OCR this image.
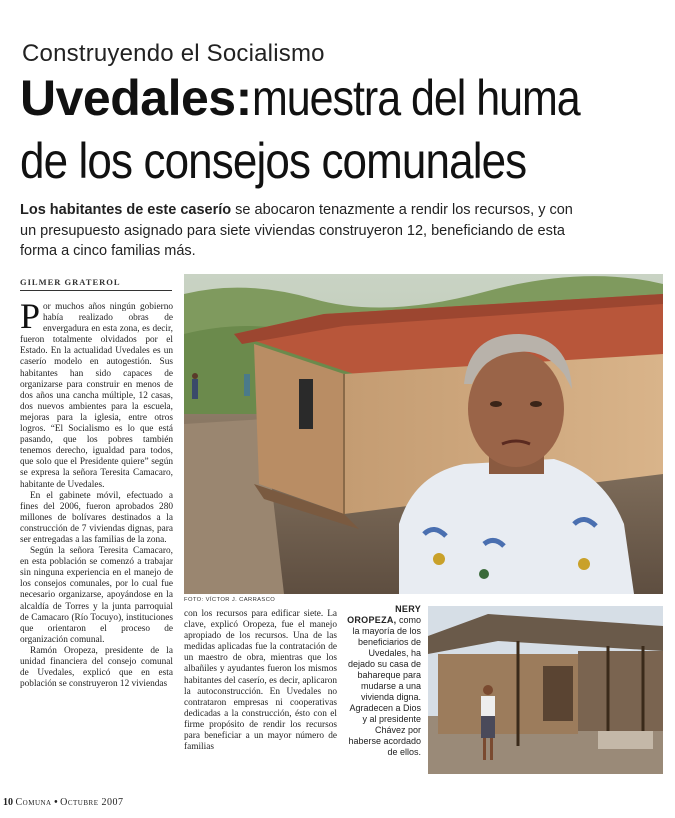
Construyendo el Socialismo
Uvedales:muestra del huma
de los consejos comunales
Los habitantes de este caserío se abocaron tenazmente a rendir los recursos, y con un presupuesto asignado para siete viviendas construyeron 12, beneficiando de esta forma a cinco familias más.
GILMER GRATEROL

Por muchos años ningún gobierno había realizado obras de envergadura en esta zona, es decir, fueron totalmente olvidados por el Estado. En la actualidad Uvedales es un caserío modelo en autogestión. Sus habitantes han sido capaces de organizarse para construir en menos de dos años una cancha múltiple, 12 casas, dos nuevos ambientes para la escuela, mejoras para la iglesia, entre otros logros. “El Socialismo es lo que está pasando, que los pobres también tenemos derecho, igualdad para todos, que solo que el Presidente quiere” según se expresa la señora Teresita Camacaro, habitante de Uvedales.

En el gabinete móvil, efectuado a fines del 2006, fueron aprobados 280 millones de bolívares destinados a la construcción de 7 viviendas dignas, para ser entregadas a las familias de la zona.

Según la señora Teresita Camacaro, en esta población se comenzó a trabajar sin ninguna experiencia en el manejo de los consejos comunales, por lo cual fue necesario organizarse, apoyándose en la alcaldía de Torres y la junta parroquial de Camacaro (Río Tocuyo), instituciones que orientaron el proceso de organización comunal.

Ramón Oropeza, presidente de la unidad financiera del consejo comunal de Uvedales, explicó que en esta población se construyeron 12 viviendas

FOTO: VÍCTOR J. CARRASCO

con los recursos para edificar siete. La clave, explicó Oropeza, fue el manejo apropiado de los recursos. Una de las medidas aplicadas fue la contratación de un maestro de obra, mientras que los albañiles y ayudantes fueron los mismos habitantes del caserío, es decir, aplicaron la autoconstrucción. En Uvedales no contrataron empresas ni cooperativas dedicadas a la construcción, ésto con el firme propósito de rendir los recursos para beneficiar a un mayor número de familias

NERY OROPEZA, como la mayoría de los beneficiarios de Uvedales, ha dejado su casa de bahareque para mudarse a una vivienda digna. Agradecen a Dios y al presidente Chávez por haberse acordado de ellos.
10 Comuna • Octubre 2007
